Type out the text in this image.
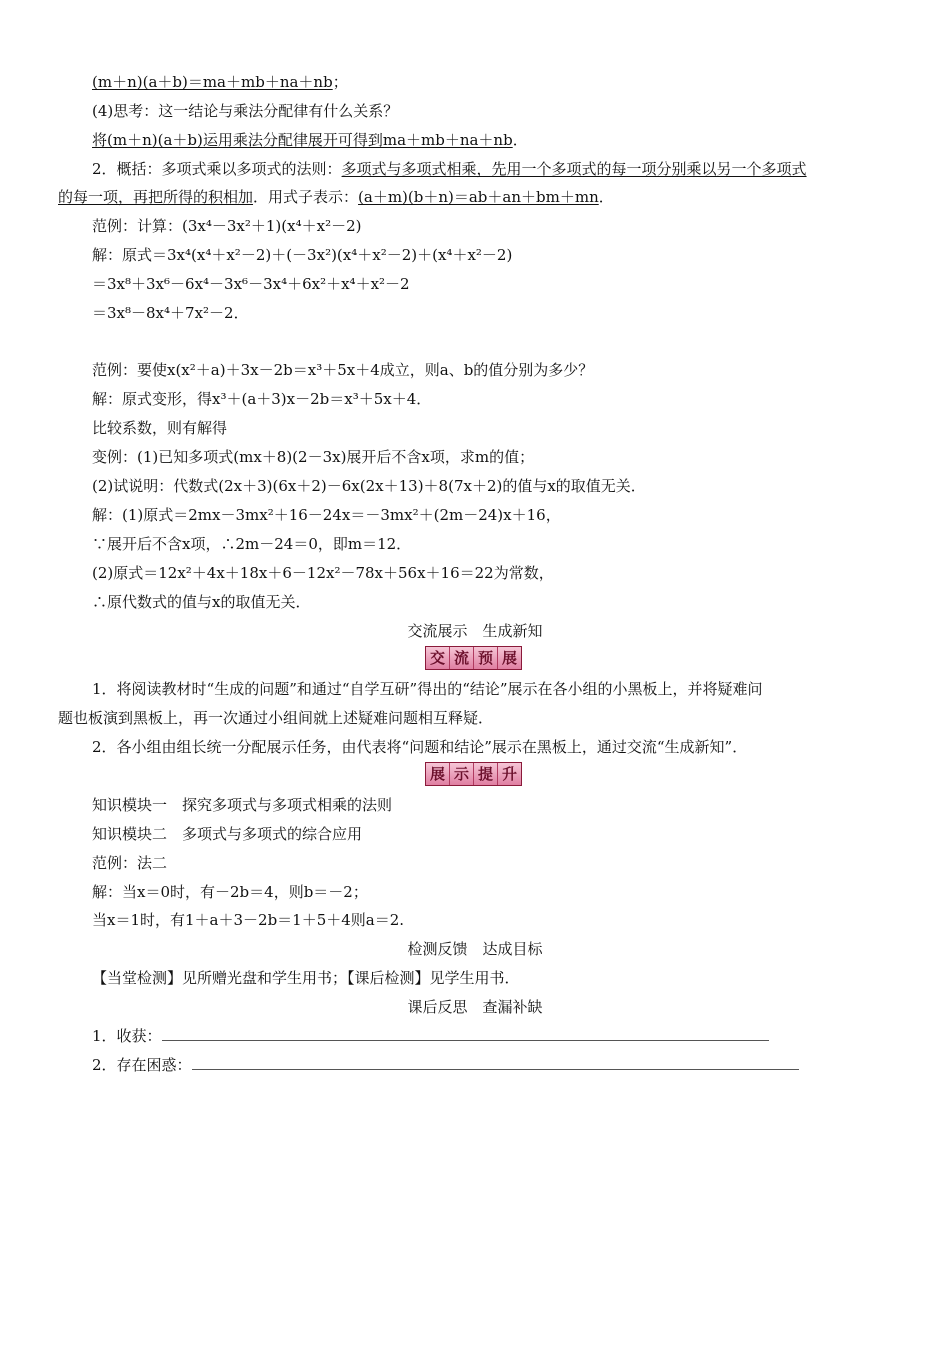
(m＋n)(a＋b)＝ma＋mb＋na＋nb；
(4)思考：这一结论与乘法分配律有什么关系？
将(m＋n)(a＋b)运用乘法分配律展开可得到ma＋mb＋na＋nb．
2．概括：多项式乘以多项式的法则：多项式与多项式相乘，先用一个多项式的每一项分别乘以另一个多项式
的每一项，再把所得的积相加．用式子表示：(a＋m)(b＋n)＝ab＋an＋bm＋mn．
范例：计算：(3x⁴－3x²＋1)(x⁴＋x²－2)
解：原式＝3x⁴(x⁴＋x²－2)＋(－3x²)(x⁴＋x²－2)＋(x⁴＋x²－2)
＝3x⁸＋3x⁶－6x⁴－3x⁶－3x⁴＋6x²＋x⁴＋x²－2
＝3x⁸－8x⁴＋7x²－2．
范例：要使x(x²＋a)＋3x－2b＝x³＋5x＋4成立，则a、b的值分别为多少？
解：原式变形，得x³＋(a＋3)x－2b＝x³＋5x＋4．
比较系数，则有解得
变例：(1)已知多项式(mx＋8)(2－3x)展开后不含x项，求m的值；
(2)试说明：代数式(2x＋3)(6x＋2)－6x(2x＋13)＋8(7x＋2)的值与x的取值无关．
解：(1)原式＝2mx－3mx²＋16－24x＝－3mx²＋(2m－24)x＋16，
∵展开后不含x项，∴2m－24＝0，即m＝12．
(2)原式＝12x²＋4x＋18x＋6－12x²－78x＋56x＋16＝22为常数，
∴原代数式的值与x的取值无关．
交流展示　生成新知
交 流 预 展
1．将阅读教材时“生成的问题”和通过“自学互研”得出的“结论”展示在各小组的小黑板上，并将疑难问
题也板演到黑板上，再一次通过小组间就上述疑难问题相互释疑．
2．各小组由组长统一分配展示任务，由代表将“问题和结论”展示在黑板上，通过交流“生成新知”．
展 示 提 升
知识模块一　探究多项式与多项式相乘的法则
知识模块二　多项式与多项式的综合应用
范例：法二
解：当x＝0时，有－2b＝4，则b＝－2；
当x＝1时，有1＋a＋3－2b＝1＋5＋4则a＝2.
检测反馈　达成目标
【当堂检测】见所赠光盘和学生用书；【课后检测】见学生用书．
课后反思　查漏补缺
1．收获：
2．存在困惑：
